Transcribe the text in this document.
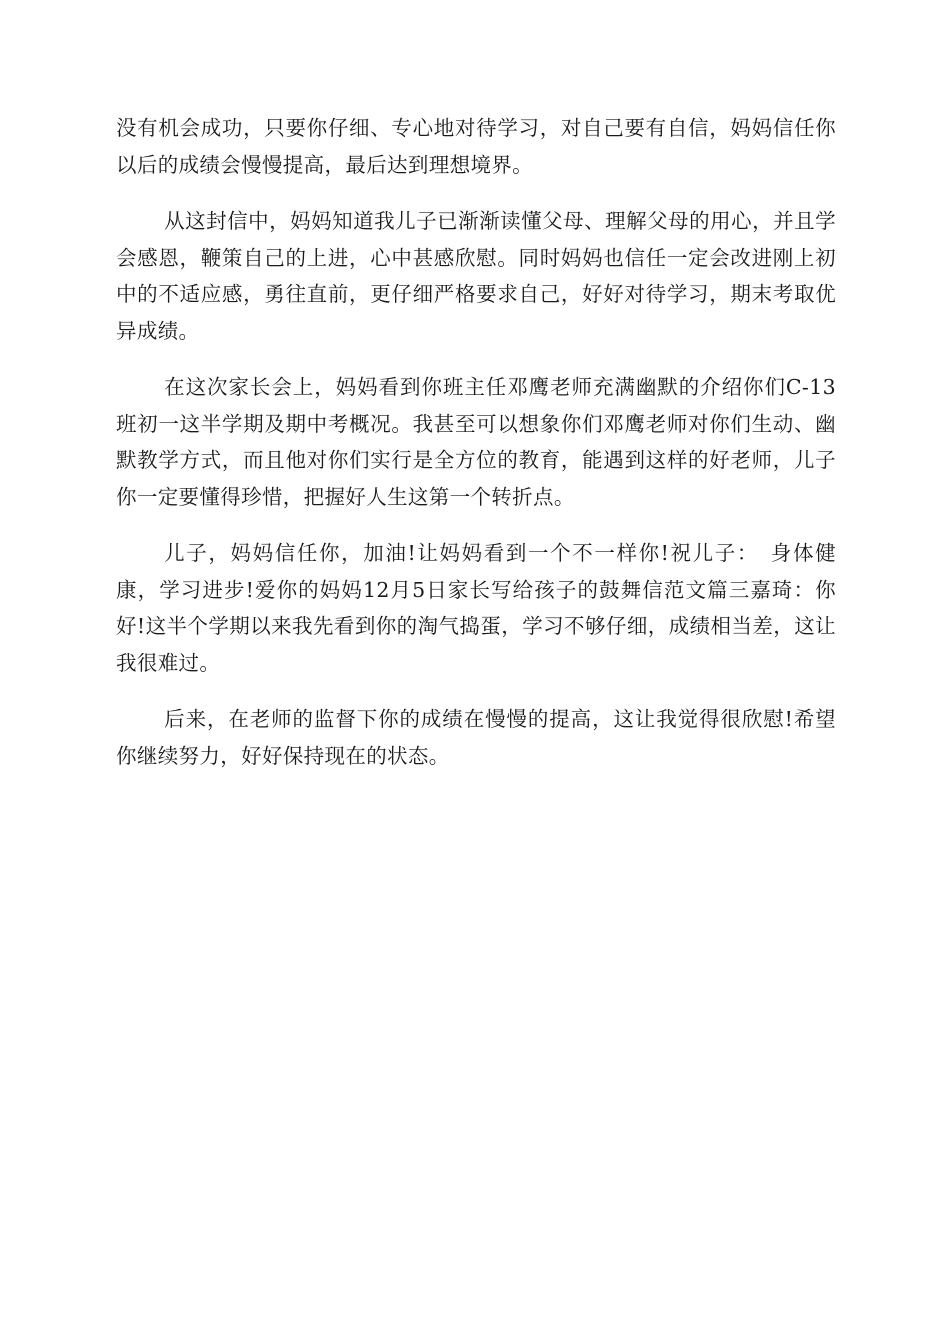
没有机会成功，只要你仔细、专心地对待学习，对自己要有自信，妈妈信任你以后的成绩会慢慢提高，最后达到理想境界。

从这封信中，妈妈知道我儿子已渐渐读懂父母、理解父母的用心，并且学会感恩，鞭策自己的上进，心中甚感欣慰。同时妈妈也信任一定会改进刚上初中的不适应感，勇往直前，更仔细严格要求自己，好好对待学习，期末考取优异成绩。

在这次家长会上，妈妈看到你班主任邓鹰老师充满幽默的介绍你们C-13班初一这半学期及期中考概况。我甚至可以想象你们邓鹰老师对你们生动、幽默教学方式，而且他对你们实行是全方位的教育，能遇到这样的好老师，儿子你一定要懂得珍惜，把握好人生这第一个转折点。

儿子，妈妈信任你，加油!让妈妈看到一个不一样你!祝儿子：　身体健康，学习进步!爱你的妈妈12月5日家长写给孩子的鼓舞信范文篇三嘉琦：你好!这半个学期以来我先看到你的淘气捣蛋，学习不够仔细，成绩相当差，这让我很难过。

后来，在老师的监督下你的成绩在慢慢的提高，这让我觉得很欣慰!希望你继续努力，好好保持现在的状态。
